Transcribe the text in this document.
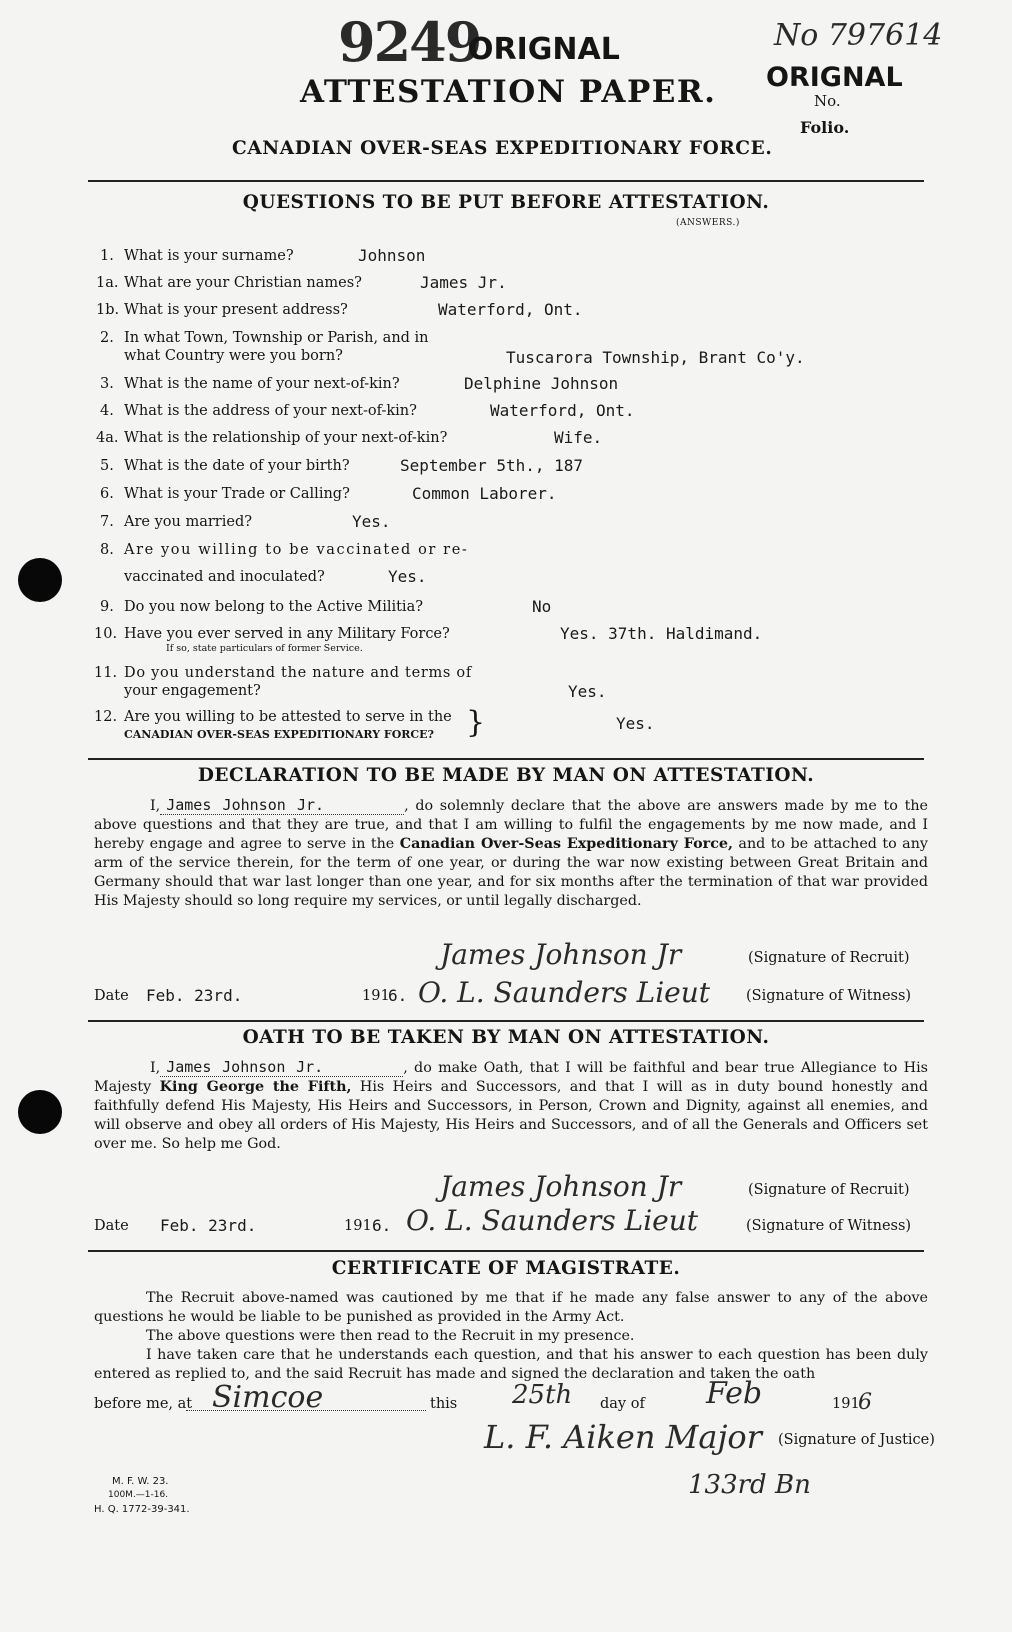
9249
ORIGNAL
ATTESTATION PAPER.
No 797614
ORIGNAL
No.
Folio.
CANADIAN OVER-SEAS EXPEDITIONARY FORCE.
QUESTIONS TO BE PUT BEFORE ATTESTATION.
(ANSWERS.)
1. What is your surname?	Johnson
1a. What are your Christian names?	James Jr.
1b. What is your present address?	Waterford, Ont.
2. In what Town, Township or Parish, and in
what Country were you born?	Tuscarora Township, Brant Co'y.
3. What is the name of your next-of-kin?	Delphine Johnson
4. What is the address of your next-of-kin?	Waterford, Ont.
4a. What is the relationship of your next-of-kin?	Wife.
5. What is the date of your birth?	September 5th., 187
6. What is your Trade or Calling?	Common Laborer.
7. Are you married?	Yes.
8. Are you willing to be vaccinated or re-
vaccinated and inoculated?	Yes.
9. Do you now belong to the Active Militia?	No
10. Have you ever served in any Military Force?
If so, state particulars of former Service.
Yes. 37th. Haldimand.
11. Do you understand the nature and terms of
your engagement?	Yes.
12. Are you willing to be attested to serve in the
CANADIAN OVER-SEAS EXPEDITIONARY FORCE? }	Yes.
DECLARATION TO BE MADE BY MAN ON ATTESTATION.
I, James Johnson Jr.	, do solemnly declare that the above are answers made by me to the above questions and that they are true, and that I am willing to fulfil the engagements by me now made, and I hereby engage and agree to serve in the Canadian Over-Seas Expeditionary Force, and to be attached to any arm of the service therein, for the term of one year, or during the war now existing between Great Britain and Germany should that war last longer than one year, and for six months after the termination of that war provided His Majesty should so long require my services, or until legally discharged.
James Johnson Jr	(Signature of Recruit)
Date Feb. 23rd.	191
6. O. L. Saunders Lieut (Signature of Witness)
OATH TO BE TAKEN BY MAN ON ATTESTATION.
I, James Johnson Jr.	, do make Oath, that I will be faithful and bear true Allegiance to His Majesty King George the Fifth, His Heirs and Successors, and that I will as in duty bound honestly and faithfully defend His Majesty, His Heirs and Successors, in Person, Crown and Dignity, against all enemies, and will observe and obey all orders of His Majesty, His Heirs and Successors, and of all the Generals and Officers set over me. So help me God.
James Johnson Jr	(Signature of Recruit)
Date Feb. 23rd.	191 6. O. L. Saunders Lieut	(Signature of Witness)
CERTIFICATE OF MAGISTRATE.
The Recruit above-named was cautioned by me that if he made any false answer to any of the above questions he would be liable to be punished as provided in the Army Act.
The above questions were then read to the Recruit in my presence.
I have taken care that he understands each question, and that his answer to each question has been duly entered as replied to, and the said Recruit has made and signed the declaration and taken the oath
before me, at Simcoe	this 25th day of Feb	191
6
L. F. Aiken Major (Signature of Justice)
133rd Bn
M. F. W. 23.
100M.—1-16.
H. Q. 1772-39-341.
